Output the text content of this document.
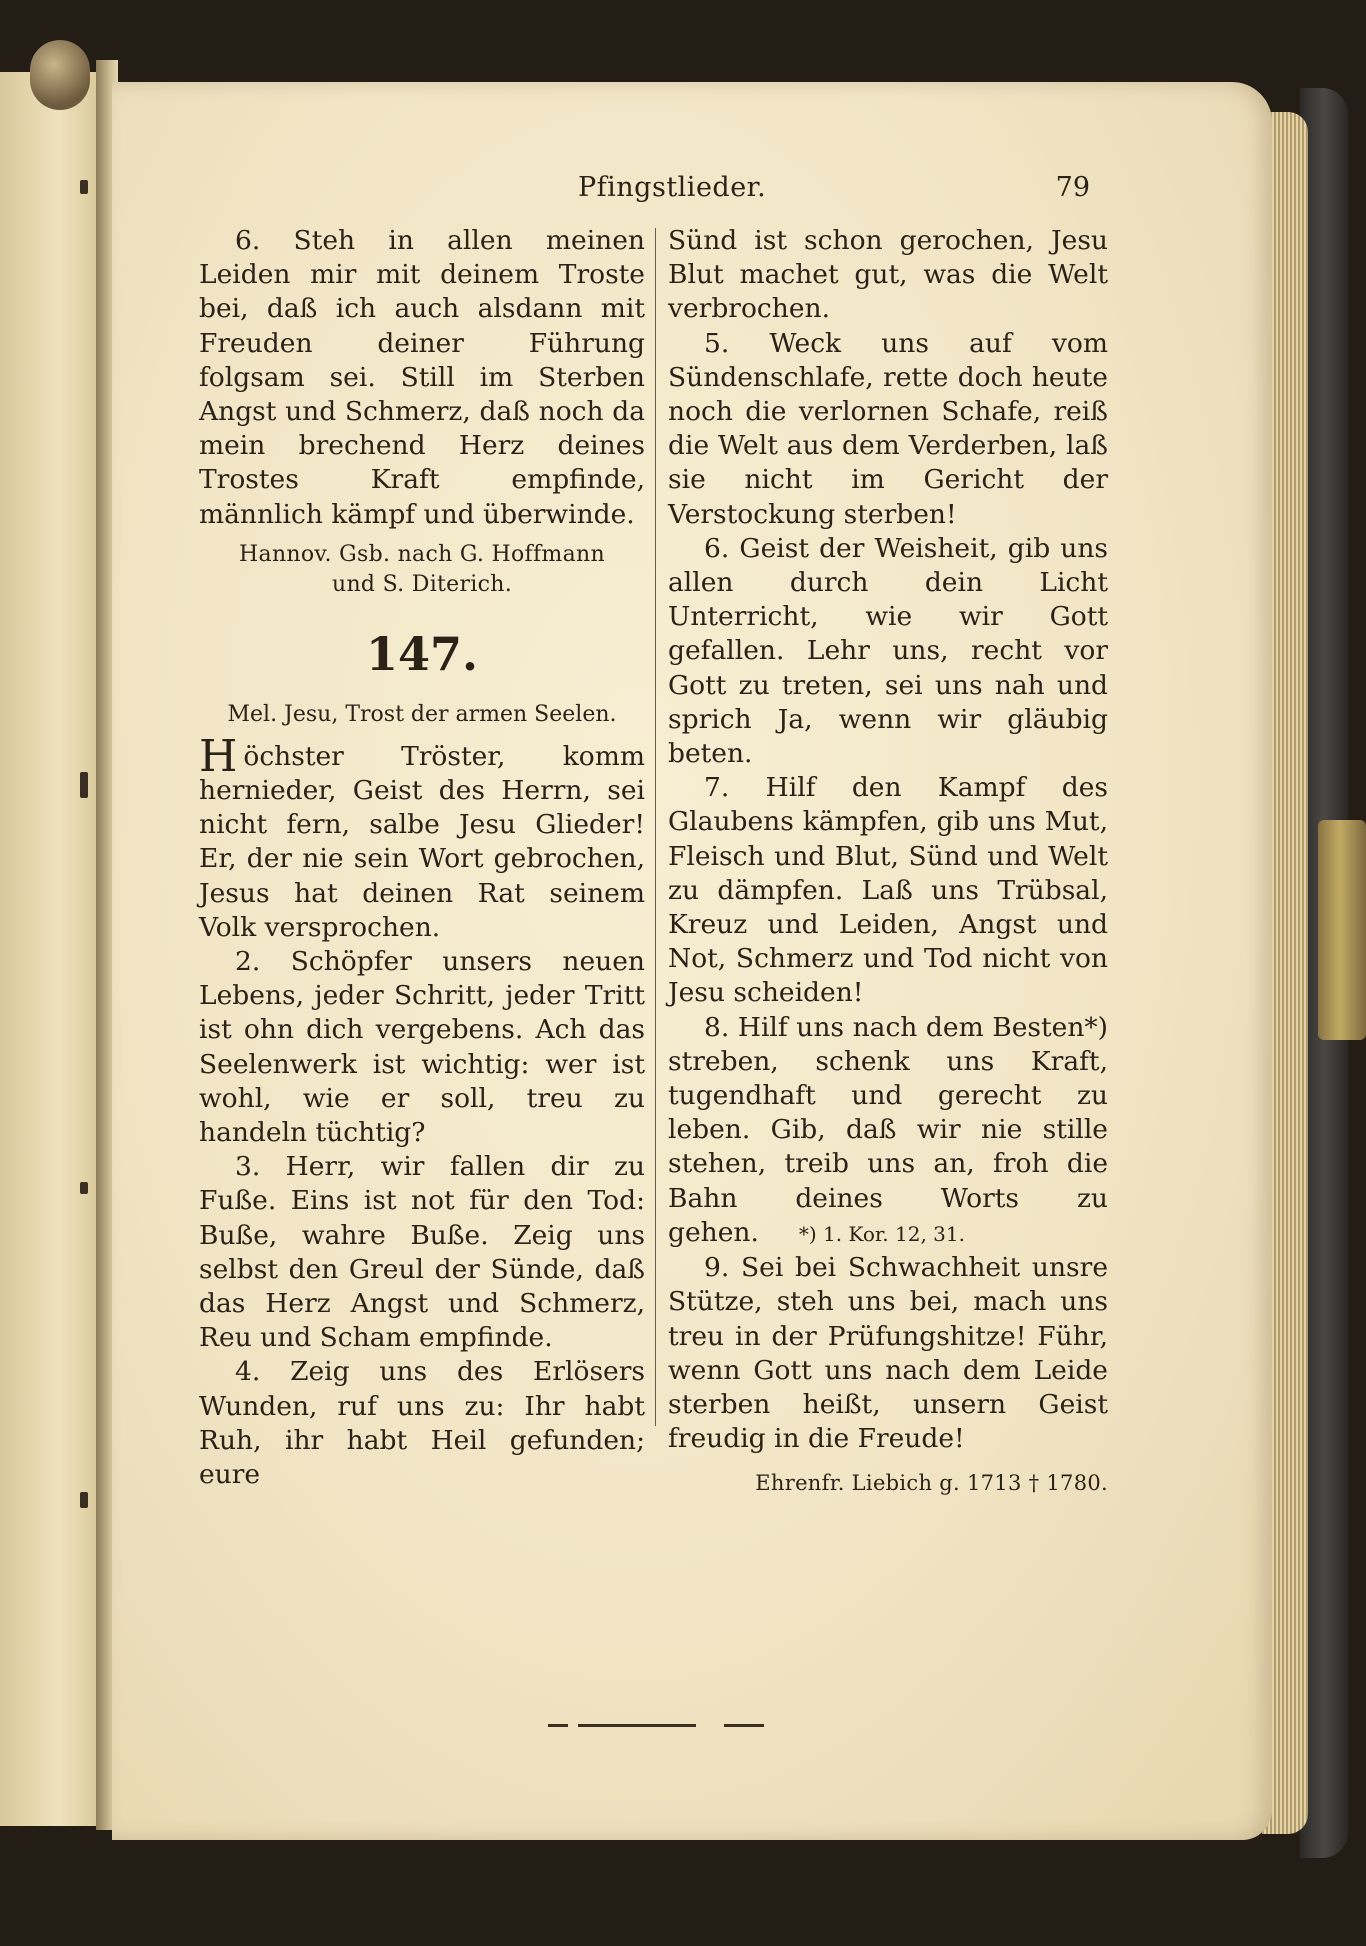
Pfingstlieder.	79

6. Steh in allen meinen Leiden mir mit deinem Troste bei, daß ich auch alsdann mit Freuden deiner Führung folgsam sei. Still im Sterben Angst und Schmerz, daß noch da mein brechend Herz deines Trostes Kraft empfinde, männlich kämpf und überwinde.

Hannov. Gsb. nach G. Hoffmann

und S. Diterich.

147.

Mel. Jesu, Trost der armen Seelen.

Höchster Tröster, komm hernieder, Geist des Herrn, sei nicht fern, salbe Jesu Glieder! Er, der nie sein Wort gebrochen, Jesus hat deinen Rat seinem Volk versprochen.

2. Schöpfer unsers neuen Lebens, jeder Schritt, jeder Tritt ist ohn dich vergebens. Ach das Seelenwerk ist wichtig: wer ist wohl, wie er soll, treu zu handeln tüchtig?

3. Herr, wir fallen dir zu Fuße. Eins ist not für den Tod: Buße, wahre Buße. Zeig uns selbst den Greul der Sünde, daß das Herz Angst und Schmerz, Reu und Scham empfinde.

4. Zeig uns des Erlösers Wunden, ruf uns zu: Ihr habt Ruh, ihr habt Heil gefunden; eure

Sünd ist schon gerochen, Jesu Blut machet gut, was die Welt verbrochen.

5. Weck uns auf vom Sündenschlafe, rette doch heute noch die verlornen Schafe, reiß die Welt aus dem Verderben, laß sie nicht im Gericht der Verstockung sterben!

6. Geist der Weisheit, gib uns allen durch dein Licht Unterricht, wie wir Gott gefallen. Lehr uns, recht vor Gott zu treten, sei uns nah und sprich Ja, wenn wir gläubig beten.

7. Hilf den Kampf des Glaubens kämpfen, gib uns Mut, Fleisch und Blut, Sünd und Welt zu dämpfen. Laß uns Trübsal, Kreuz und Leiden, Angst und Not, Schmerz und Tod nicht von Jesu scheiden!

8. Hilf uns nach dem Besten*) streben, schenk uns Kraft, tugendhaft und gerecht zu leben. Gib, daß wir nie stille stehen, treib uns an, froh die Bahn deines Worts zu gehen. *) 1. Kor. 12, 31.

9. Sei bei Schwachheit unsre Stütze, steh uns bei, mach uns treu in der Prüfungshitze! Führ, wenn Gott uns nach dem Leide sterben heißt, unsern Geist freudig in die Freude!

Ehrenfr. Liebich g. 1713 † 1780.
